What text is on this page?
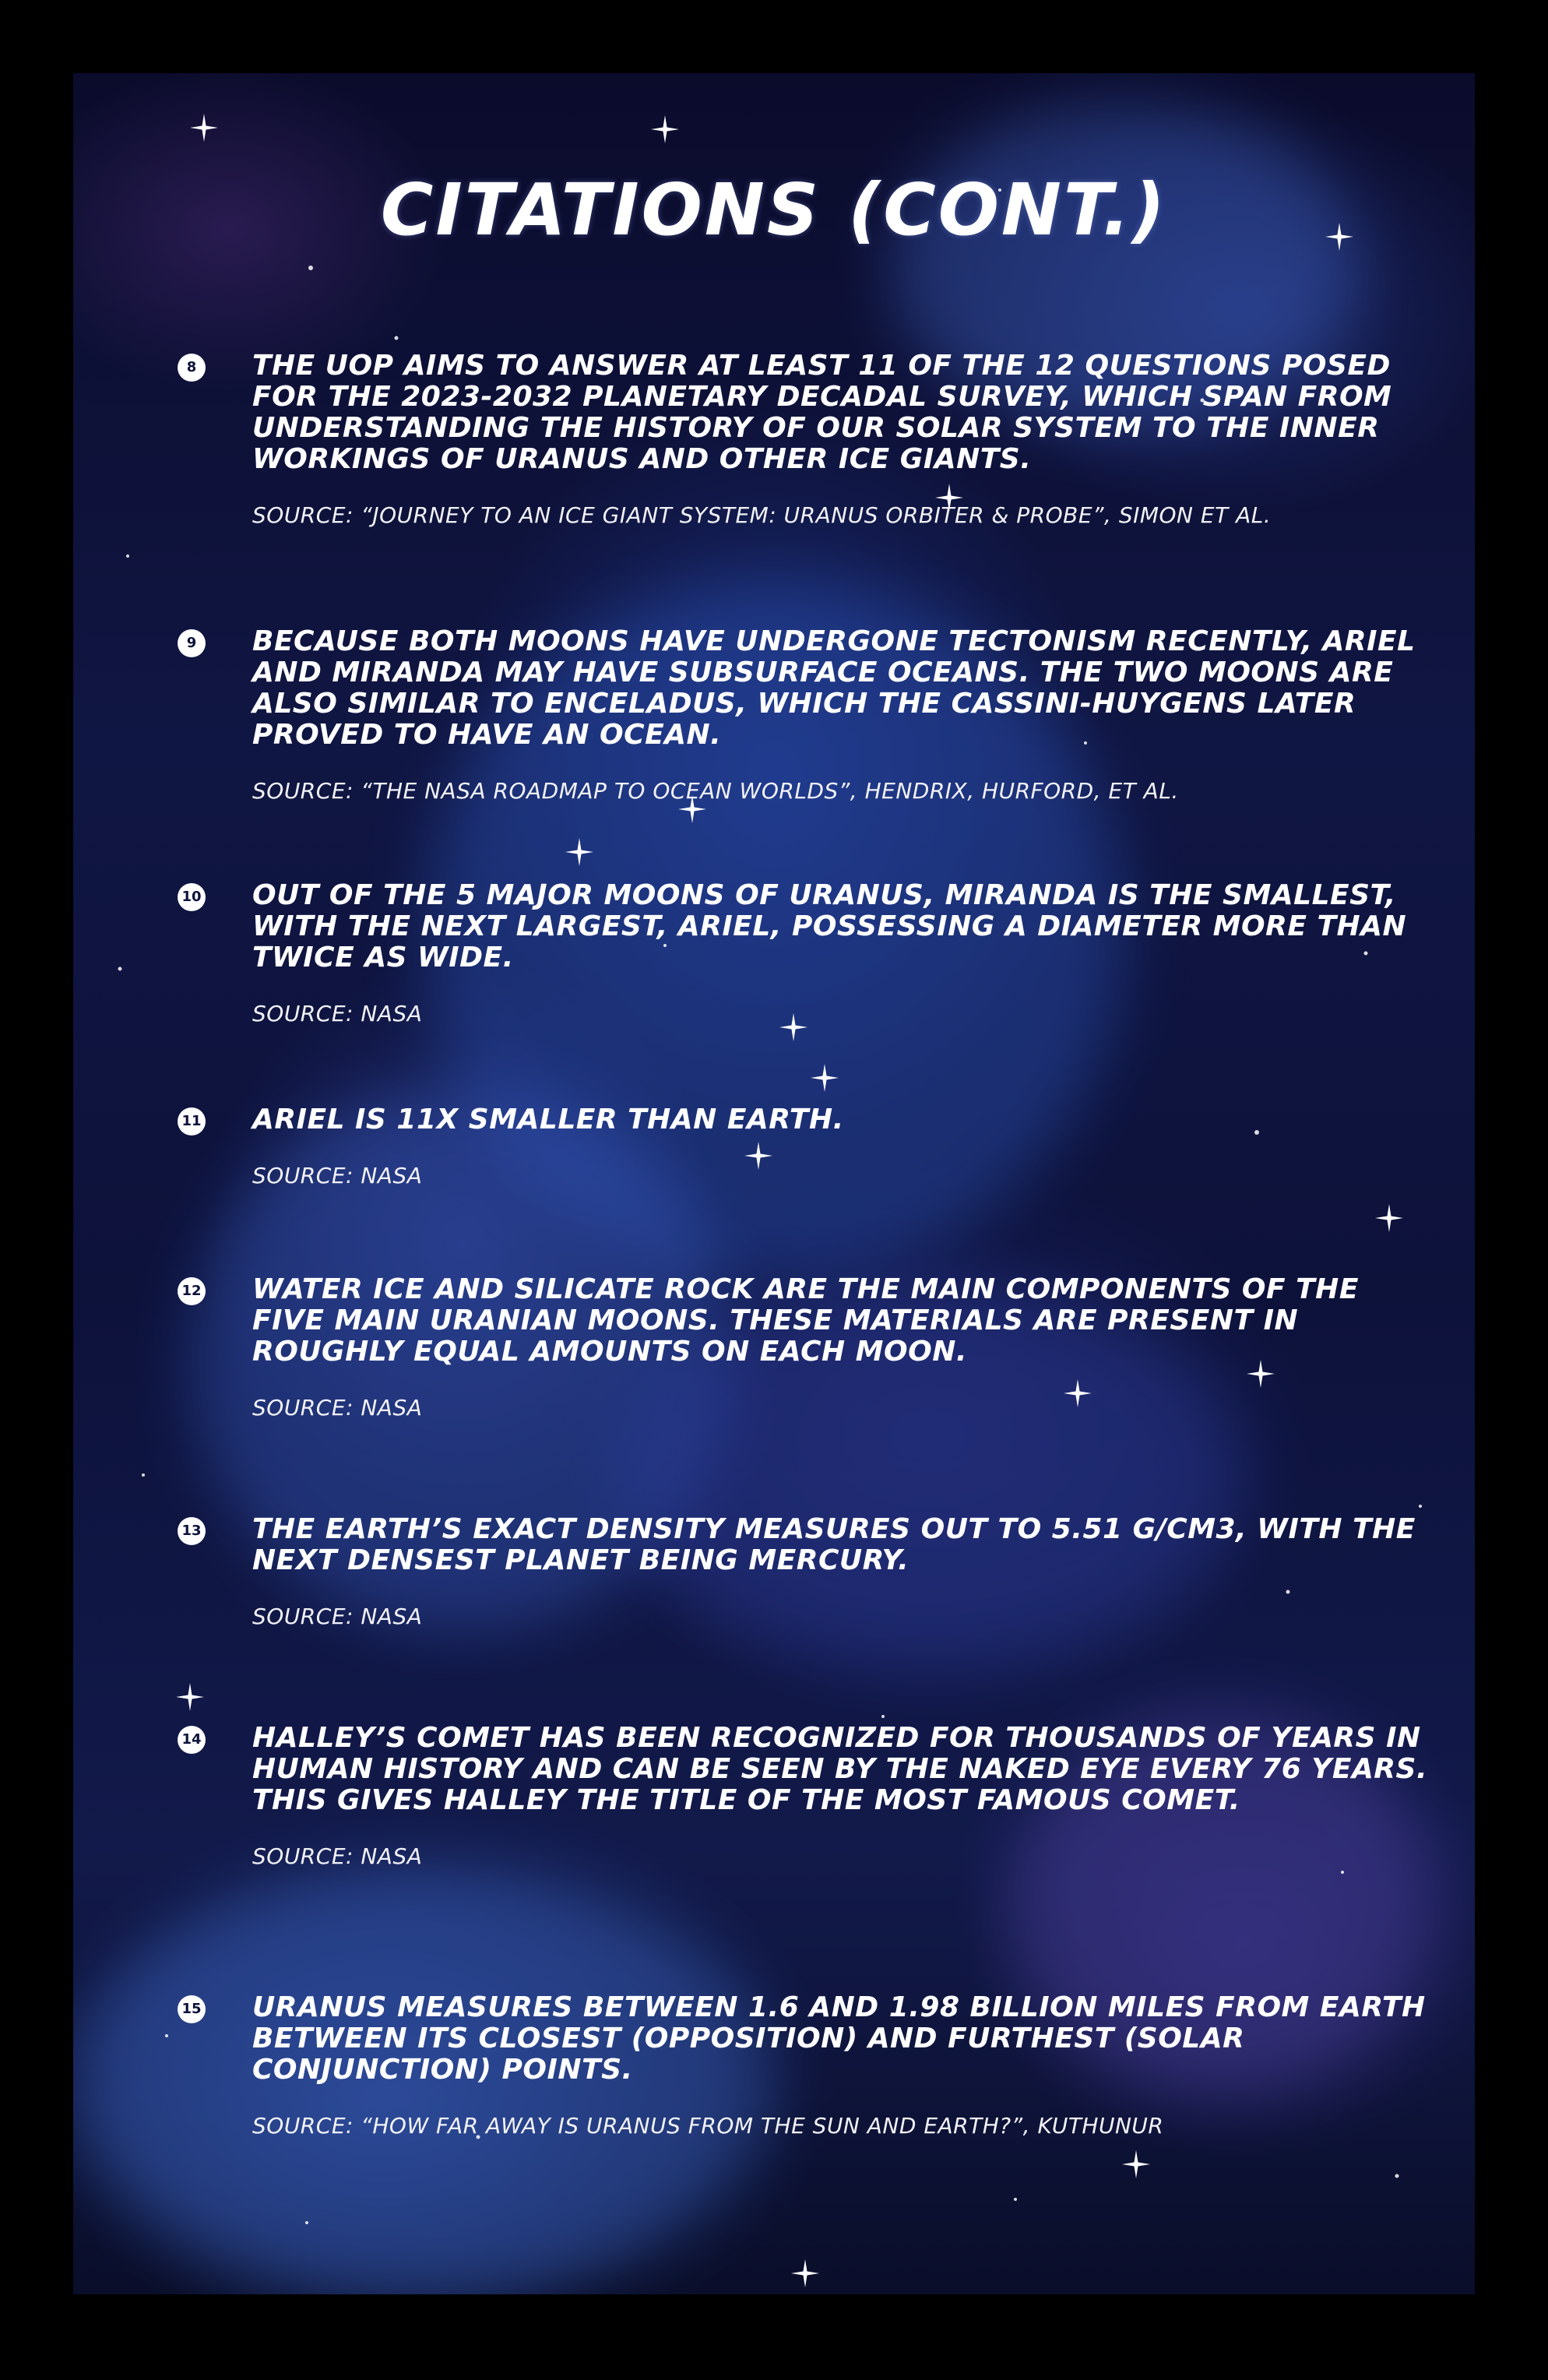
CITATIONS (CONT.)
8	THE UOP AIMS TO ANSWER AT LEAST 11 OF THE 12 QUESTIONS POSED FOR THE 2023-2032 PLANETARY DECADAL SURVEY, WHICH SPAN FROM UNDERSTANDING THE HISTORY OF OUR SOLAR SYSTEM TO THE INNER WORKINGS OF URANUS AND OTHER ICE GIANTS.
SOURCE: “JOURNEY TO AN ICE GIANT SYSTEM: URANUS ORBITER & PROBE”, SIMON ET AL.
9	BECAUSE BOTH MOONS HAVE UNDERGONE TECTONISM RECENTLY, ARIEL AND MIRANDA MAY HAVE SUBSURFACE OCEANS. THE TWO MOONS ARE ALSO SIMILAR TO ENCELADUS, WHICH THE CASSINI-HUYGENS LATER PROVED TO HAVE AN OCEAN.
SOURCE: “THE NASA ROADMAP TO OCEAN WORLDS”, HENDRIX, HURFORD, ET AL.
10 OUT OF THE 5 MAJOR MOONS OF URANUS, MIRANDA IS THE SMALLEST, WITH THE NEXT LARGEST, ARIEL, POSSESSING A DIAMETER MORE THAN TWICE AS WIDE.
SOURCE: NASA
11 ARIEL IS 11X SMALLER THAN EARTH.
SOURCE: NASA
12 WATER ICE AND SILICATE ROCK ARE THE MAIN COMPONENTS OF THE FIVE MAIN URANIAN MOONS. THESE MATERIALS ARE PRESENT IN ROUGHLY EQUAL AMOUNTS ON EACH MOON.
SOURCE: NASA
13 THE EARTH’S EXACT DENSITY MEASURES OUT TO 5.51 G/CM3, WITH THE NEXT DENSEST PLANET BEING MERCURY.
SOURCE: NASA
14 HALLEY’S COMET HAS BEEN RECOGNIZED FOR THOUSANDS OF YEARS IN HUMAN HISTORY AND CAN BE SEEN BY THE NAKED EYE EVERY 76 YEARS. THIS GIVES HALLEY THE TITLE OF THE MOST FAMOUS COMET.
SOURCE: NASA
15 URANUS MEASURES BETWEEN 1.6 AND 1.98 BILLION MILES FROM EARTH BETWEEN ITS CLOSEST (OPPOSITION) AND FURTHEST (SOLAR CONJUNCTION) POINTS.
SOURCE: “HOW FAR AWAY IS URANUS FROM THE SUN AND EARTH?”, KUTHUNUR
